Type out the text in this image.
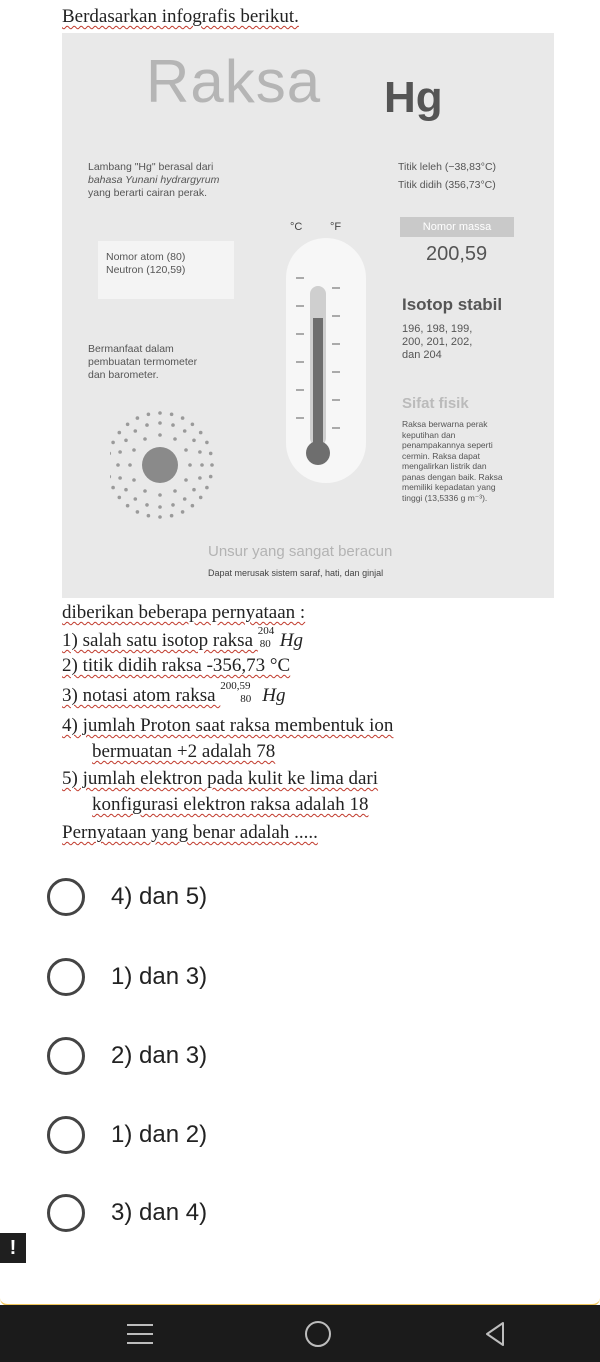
Berdasarkan infografis berikut.
Raksa Hg
Lambang "Hg" berasal dari
bahasa Yunani hydrargyrum
yang berarti cairan perak.
Titik leleh (−38,83°C)
Titik didih (356,73°C)
Nomor atom (80)
Neutron (120,59)
Nomor massa
200,59
Isotop stabil
196, 198, 199,
200, 201, 202,
dan 204
Bermanfaat dalam
pembuatan termometer
dan barometer.
Sifat fisik
Raksa berwarna perak
keputihan dan
penampakannya seperti
cermin. Raksa dapat
mengalirkan listrik dan
panas dengan baik. Raksa
memiliki kepadatan yang
tinggi (13,5336 g m⁻³).
°C	°F
Unsur yang sangat beracun
Dapat merusak sistem saraf, hati, dan ginjal
diberikan beberapa pernyataan :
1) salah satu isotop raksa 204
80 Hg
2) titik didih raksa -356,73 °C
3) notasi atom raksa 200,59
80 Hg
4) jumlah Proton saat raksa membentuk ion
bermuatan +2 adalah 78
5) jumlah elektron pada kulit ke lima dari
konfigurasi elektron raksa adalah 18
Pernyataan yang benar adalah .....
4) dan 5)
1) dan 3)
2) dan 3)
1) dan 2)
3) dan 4)
!
